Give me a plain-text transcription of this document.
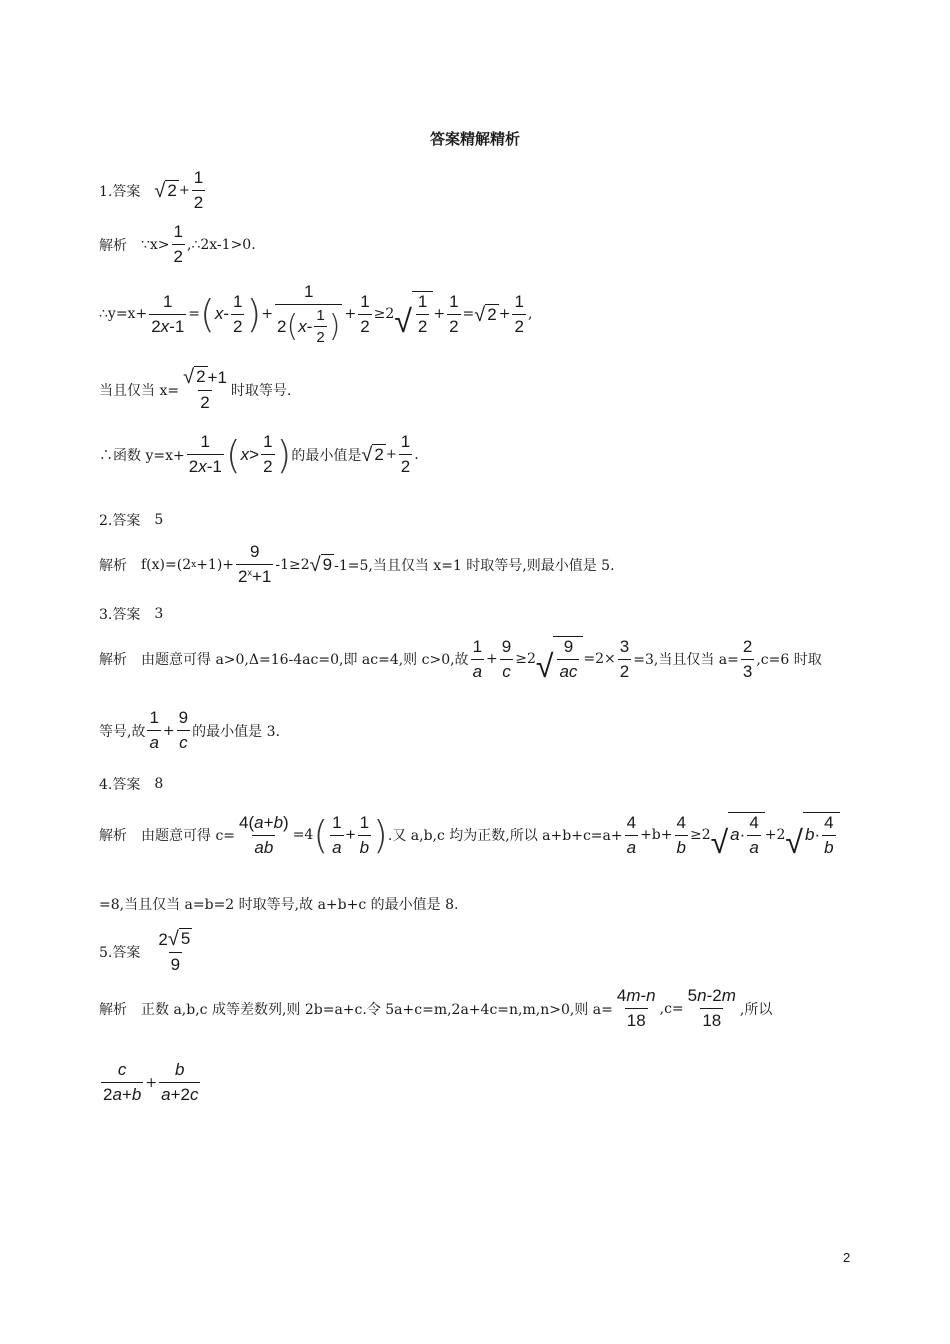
答案精解精析
1.答案 √ $2 + \frac{1}{2}$
解析 ∵x>
1
2
,∴2x-1>0.
∴y=x+ $\frac{1}{2x-1}$ = ( x -
1
2 ) +
1
2 ( x -
1
2 ) +
1
2
≥2 √ $\frac{1}{2}$ +
1
2
= √ 2 +
1
2
,
当且仅当 $x= \frac{√ 2 +1}{2}$ 时取等号.
∴函数 $y=x+ \frac{1}{2x-1}$ ( x >
1
2 ) 的最小值是 √ $2 + \frac{1}{2}$ .
2.答案 5
解析 f(x)=(2 $x +1)+ \frac{9}{2^x+1} -1\ge 2$ √ 9 -1=5,当且仅当 x=1 时取等号,则最小值是 5.
3.答案 3
解析 由题意可得 a>0,Δ=16-4ac=0,即 ac=4,则 c>0,故
1
a
+
9
c
≥2 √ $\frac{9}{ac} =2\times \frac{3}{2} =3$,当且仅当 $a= \frac{2}{3} ,c=6$ 时取
等号,故
1
a
+
9
c
的最小值是 3.
4.答案 8
解析 由题意可得 $c= \frac{4(a+b)}{ab} =4$ ( 1
a
+ $\frac{1}{b}$ ) .又 a,b,c 均为正数,所以 $a+b+c=a+ \frac{4}{a} +b+ \frac{4}{b} \ge 2$ √ $a\cdot \frac{4}{a} +2$ √ $b\cdot \frac{4}{b}$
=8,当且仅当 a=b=2 时取等号,故 a+b+c 的最小值是 8.
5.答案
2 √ 5
9
解析 正数 a,b,c 成等差数列,则 2b=a+c.令 5a+c=m,2a+4c=n,m,n>0,则 $a= \frac{4m-n}{18} ,c= \frac{5n-2m}{18}$ ,所以
c
2a+b
+
b
a+2c
2
